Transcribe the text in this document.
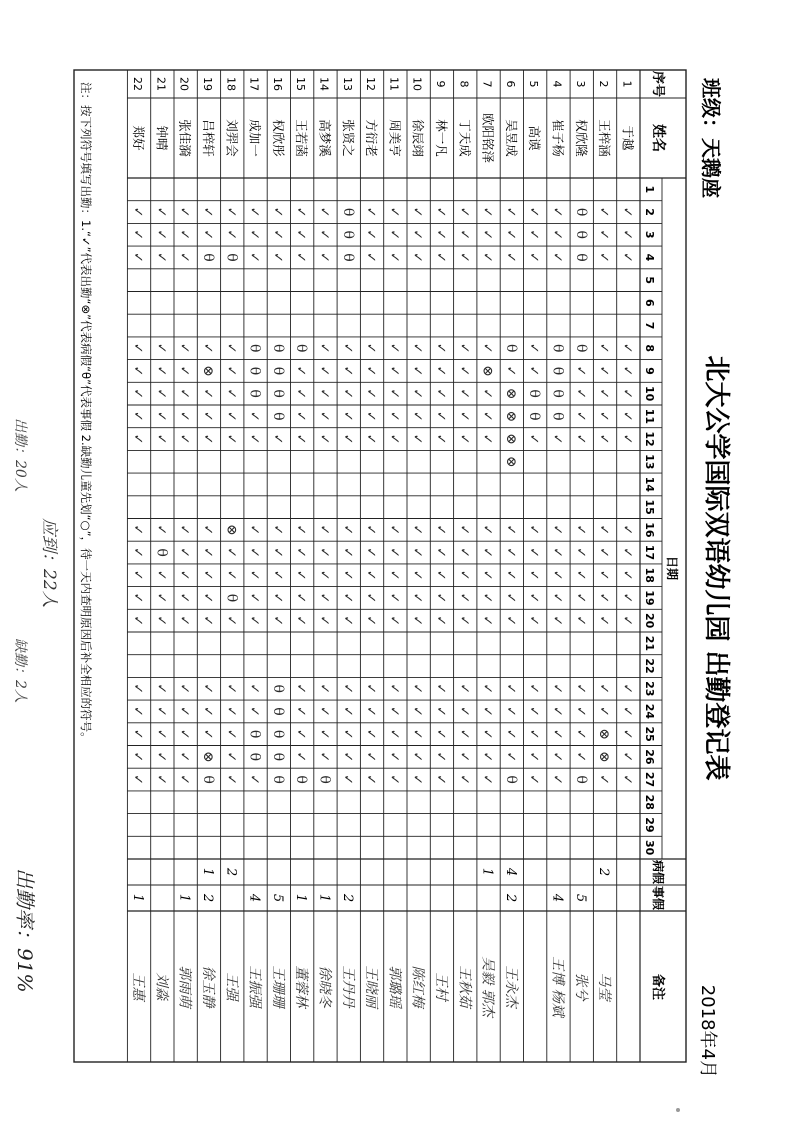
北大公学国际双语幼儿园 出勤登记表
班级：天鹅座
2018年4月
序号
姓名
日期
病假
事假
备注
1
2
3
4
5
6
7
8
9
10
11
12
13
14
15
16
17
18
19
20
21
22
23
24
25
26
27
28
29
30
1
于越
✓
✓
✓
✓
✓
✓
✓
✓
✓
✓
✓
✓
✓
✓
✓
✓
✓
✓
2
王梓涵
✓
✓
✓
✓
✓
✓
✓
✓
✓
✓
✓
✓
✓
✓
✓
⊗
⊗
✓
2
马莹
3
权欣隆
θ
θ
θ
θ
✓
✓
✓
✓
✓
✓
✓
✓
✓
✓
✓
✓
✓
θ
5
张兮
4
崔子杨
✓
✓
✓
θ
θ
θ
θ
✓
✓
✓
✓
✓
✓
✓
✓
✓
✓
✓
4
王博 杨斌
5
高谟
✓
✓
✓
✓
✓
θ
θ
✓
✓
✓
✓
✓
✓
✓
✓
✓
✓
✓
6
吴昱成
✓
✓
✓
θ
✓
⊗
⊗
⊗
⊗
✓
✓
✓
✓
✓
✓
✓
✓
✓
θ
4
2
王永杰
7
欧阳铭泽
✓
✓
✓
✓
⊗
✓
✓
✓
✓
✓
✓
✓
✓
✓
✓
✓
✓
✓
1
吴毅 郭杰
8
丁天成
✓
✓
✓
✓
✓
✓
✓
✓
✓
✓
✓
✓
✓
✓
✓
✓
✓
✓
王秋茹
9
林一凡
✓
✓
✓
✓
✓
✓
✓
✓
✓
✓
✓
✓
✓
✓
✓
✓
✓
✓
王村
10
徐辰翊
✓
✓
✓
✓
✓
✓
✓
✓
✓
✓
✓
✓
✓
✓
✓
✓
✓
✓
陈红梅
11
周美亨
✓
✓
✓
✓
✓
✓
✓
✓
✓
✓
✓
✓
✓
✓
✓
✓
✓
✓
郭璐瑶
12
方衍老
✓
✓
✓
✓
✓
✓
✓
✓
✓
✓
✓
✓
✓
✓
✓
✓
✓
✓
王晓丽
13
张贤之
θ
θ
θ
✓
✓
✓
✓
✓
✓
✓
✓
✓
✓
✓
✓
✓
✓
✓
2
王丹丹
14
高梦溪
✓
✓
✓
✓
✓
✓
✓
✓
✓
✓
✓
✓
✓
✓
✓
✓
✓
θ
1
徐晓冬
15
王若菡
✓
✓
✓
θ
✓
✓
✓
✓
✓
✓
✓
✓
✓
✓
✓
✓
✓
θ
1
董蓉林
16
权欣彤
✓
✓
✓
θ
θ
θ
θ
✓
✓
✓
✓
✓
✓
θ
θ
θ
θ
θ
5
王珊珊
17
成加一
✓
✓
✓
θ
θ
θ
✓
✓
✓
✓
✓
✓
✓
✓
✓
θ
θ
✓
4
王振强
18
刘羿会
✓
✓
θ
✓
✓
✓
✓
✓
⊗
✓
✓
θ
✓
✓
✓
✓
✓
✓
2
王强
19
吕梓轩
✓
✓
θ
✓
⊗
✓
✓
✓
✓
✓
✓
✓
✓
✓
✓
✓
⊗
θ
1
2
徐玉静
20
张佳漪
✓
✓
✓
✓
✓
✓
✓
✓
✓
✓
✓
✓
✓
✓
✓
✓
✓
✓
1
郭雨萌
21
钟晴
✓
✓
✓
✓
✓
✓
✓
✓
✓
θ
✓
✓
✓
✓
✓
✓
✓
✓
刘淼
22
郑好
✓
✓
✓
✓
✓
✓
✓
✓
✓
✓
✓
✓
✓
✓
✓
✓
✓
✓
1
王惠
注：按下列符号填写出勤：1.“✓”代表出勤“⊗”代表病假“θ”代表事假 2.缺勤儿童先划“○”，待一天内查明原因后补全相应的符号。
应到：22人
出勤：20人
缺勤：2人
出勤率：91%
